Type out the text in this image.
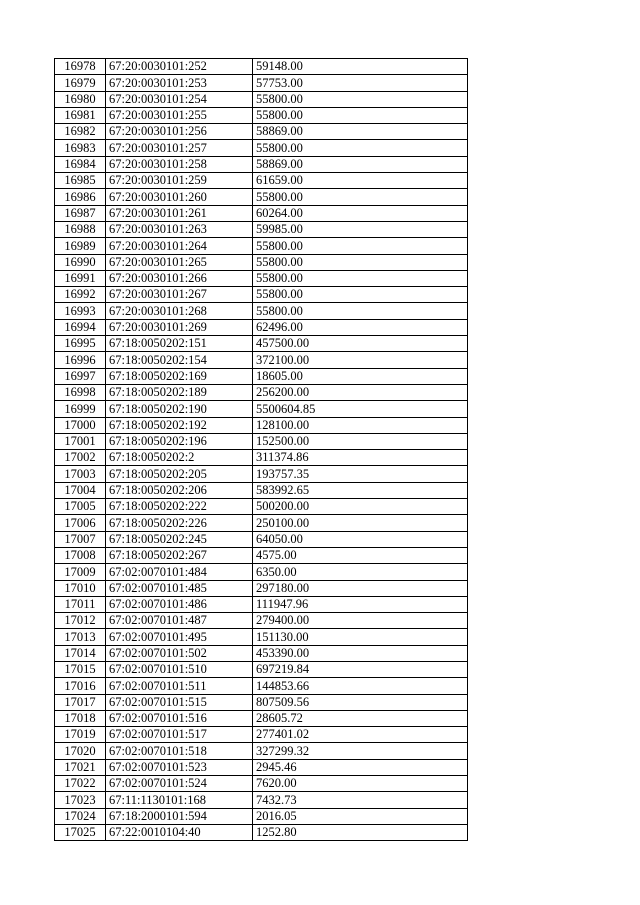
16978	67:20:0030101:252	59148.00
16979	67:20:0030101:253	57753.00
16980	67:20:0030101:254	55800.00
16981	67:20:0030101:255	55800.00
16982	67:20:0030101:256	58869.00
16983	67:20:0030101:257	55800.00
16984	67:20:0030101:258	58869.00
16985	67:20:0030101:259	61659.00
16986	67:20:0030101:260	55800.00
16987	67:20:0030101:261	60264.00
16988	67:20:0030101:263	59985.00
16989	67:20:0030101:264	55800.00
16990	67:20:0030101:265	55800.00
16991	67:20:0030101:266	55800.00
16992	67:20:0030101:267	55800.00
16993	67:20:0030101:268	55800.00
16994	67:20:0030101:269	62496.00
16995	67:18:0050202:151	457500.00
16996	67:18:0050202:154	372100.00
16997	67:18:0050202:169	18605.00
16998	67:18:0050202:189	256200.00
16999	67:18:0050202:190	5500604.85
17000	67:18:0050202:192	128100.00
17001	67:18:0050202:196	152500.00
17002	67:18:0050202:2	311374.86
17003	67:18:0050202:205	193757.35
17004	67:18:0050202:206	583992.65
17005	67:18:0050202:222	500200.00
17006	67:18:0050202:226	250100.00
17007	67:18:0050202:245	64050.00
17008	67:18:0050202:267	4575.00
17009	67:02:0070101:484	6350.00
17010	67:02:0070101:485	297180.00
17011	67:02:0070101:486	111947.96
17012	67:02:0070101:487	279400.00
17013	67:02:0070101:495	151130.00
17014	67:02:0070101:502	453390.00
17015	67:02:0070101:510	697219.84
17016	67:02:0070101:511	144853.66
17017	67:02:0070101:515	807509.56
17018	67:02:0070101:516	28605.72
17019	67:02:0070101:517	277401.02
17020	67:02:0070101:518	327299.32
17021	67:02:0070101:523	2945.46
17022	67:02:0070101:524	7620.00
17023	67:11:1130101:168	7432.73
17024	67:18:2000101:594	2016.05
17025	67:22:0010104:40	1252.80
